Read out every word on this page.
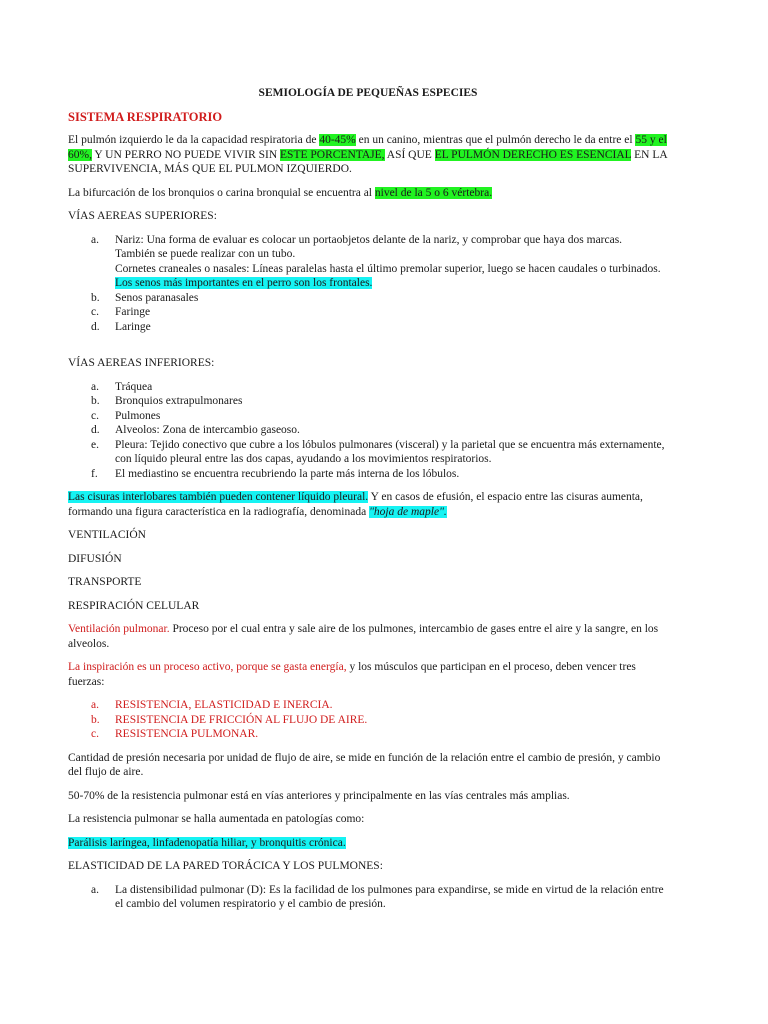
SEMIOLOGÍA DE PEQUEÑAS ESPECIES
SISTEMA RESPIRATORIO

El pulmón izquierdo le da la capacidad respiratoria de 40-45% en un canino, mientras que el pulmón derecho le da entre el 55 y el 60%, Y UN PERRO NO PUEDE VIVIR SIN ESTE PORCENTAJE, ASÍ QUE EL PULMÓN DERECHO ES ESENCIAL EN LA SUPERVIVENCIA, MÁS QUE EL PULMON IZQUIERDO.

La bifurcación de los bronquios o carina bronquial se encuentra al nivel de la 5 o 6 vértebra.

VÍAS AEREAS SUPERIORES:
a. Nariz: Una forma de evaluar es colocar un portaobjetos delante de la nariz, y comprobar que haya dos marcas.
También se puede realizar con un tubo.
Cornetes craneales o nasales: Líneas paralelas hasta el último premolar superior, luego se hacen caudales o turbinados.
Los senos más importantes en el perro son los frontales.
b. Senos paranasales
c. Faringe
d. Laringe
VÍAS AEREAS INFERIORES:
a. Tráquea
b. Bronquios extrapulmonares
c. Pulmones
d. Alveolos: Zona de intercambio gaseoso.
e. Pleura: Tejido conectivo que cubre a los lóbulos pulmonares (visceral) y la parietal que se encuentra más externamente, con líquido pleural entre las dos capas, ayudando a los movimientos respiratorios.
f. El mediastino se encuentra recubriendo la parte más interna de los lóbulos.

Las cisuras interlobares también pueden contener líquido pleural. Y en casos de efusión, el espacio entre las cisuras aumenta, formando una figura característica en la radiografía, denominada "hoja de maple".

VENTILACIÓN

DIFUSIÓN

TRANSPORTE

RESPIRACIÓN CELULAR

Ventilación pulmonar. Proceso por el cual entra y sale aire de los pulmones, intercambio de gases entre el aire y la sangre, en los alveolos.

La inspiración es un proceso activo, porque se gasta energía, y los músculos que participan en el proceso, deben vencer tres fuerzas:

a. RESISTENCIA, ELASTICIDAD E INERCIA.
b. RESISTENCIA DE FRICCIÓN AL FLUJO DE AIRE.
c. RESISTENCIA PULMONAR.

Cantidad de presión necesaria por unidad de flujo de aire, se mide en función de la relación entre el cambio de presión, y cambio del flujo de aire.

50-70% de la resistencia pulmonar está en vías anteriores y principalmente en las vías centrales más amplias.

La resistencia pulmonar se halla aumentada en patologías como:

Parálisis laríngea, linfadenopatía hiliar, y bronquitis crónica.

ELASTICIDAD DE LA PARED TORÁCICA Y LOS PULMONES:
a. La distensibilidad pulmonar (D): Es la facilidad de los pulmones para expandirse, se mide en virtud de la relación entre el cambio del volumen respiratorio y el cambio de presión.
